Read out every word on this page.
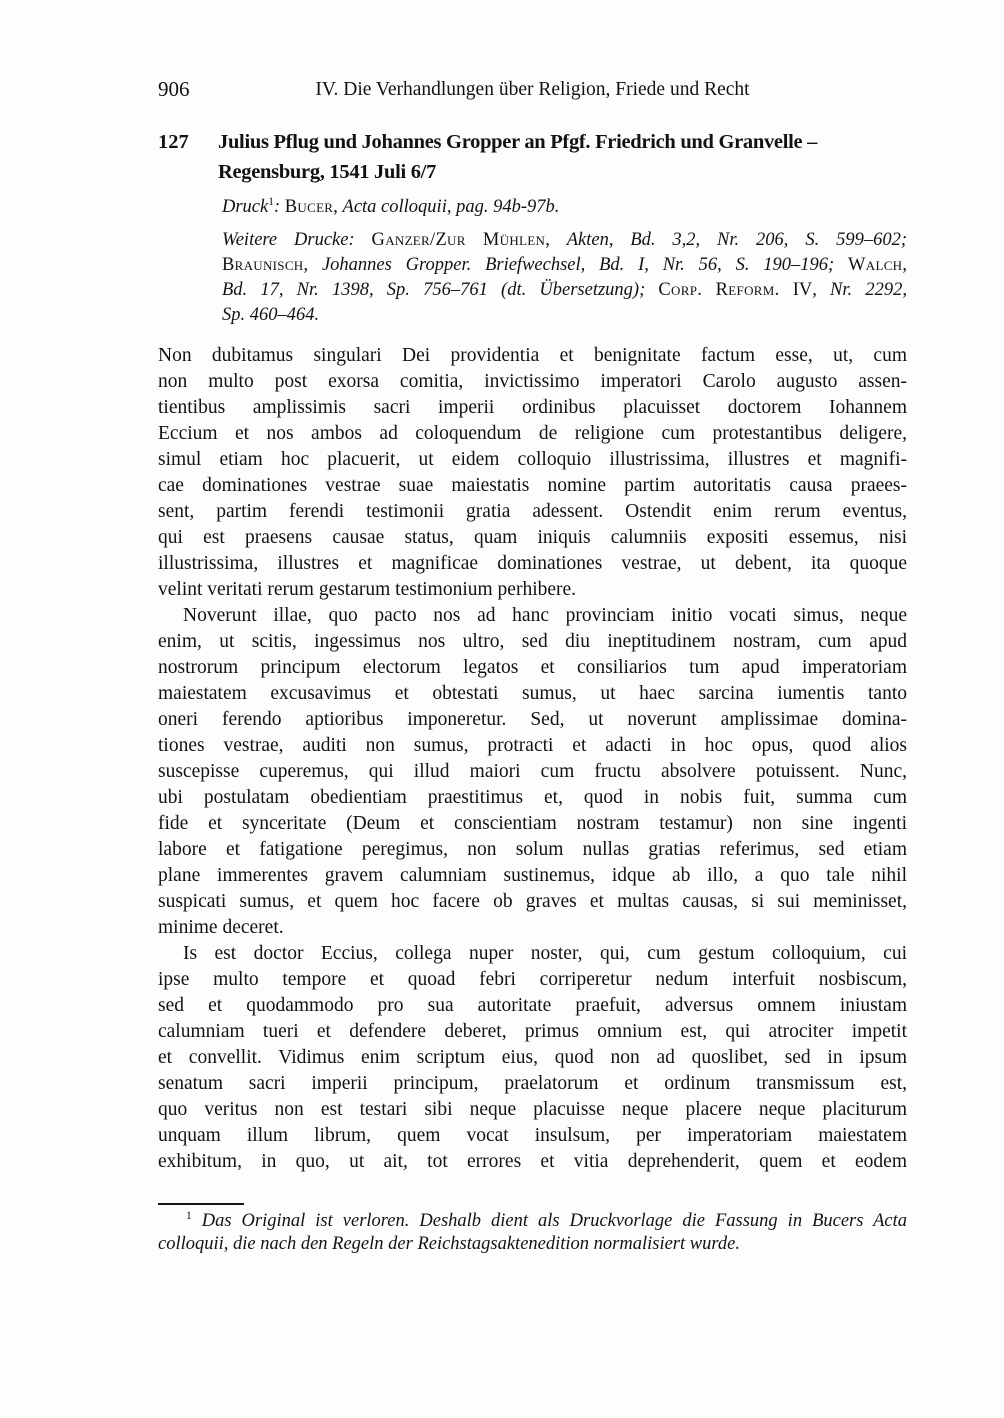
906	IV. Die Verhandlungen über Religion, Friede und Recht
127	Julius Pflug und Johannes Gropper an Pfgf. Friedrich und Granvelle –
Regensburg, 1541 Juli 6/7
Druck$^1$: Bucer, Acta colloquii, pag. 94b-97b.
Weitere Drucke: Ganzer/Zur Mühlen, Akten, Bd. 3,2, Nr. 206, S. 599–602;
Braunisch, Johannes Gropper. Briefwechsel, Bd. I, Nr. 56, S. 190–196; Walch,
Bd. 17, Nr. 1398, Sp. 756–761 (dt. Übersetzung); Corp. Reform. IV, Nr. 2292,
Sp. 460–464.
Non dubitamus singulari Dei providentia et benignitate factum esse, ut, cum
non multo post exorsa comitia, invictissimo imperatori Carolo augusto assen-
tientibus amplissimis sacri imperii ordinibus placuisset doctorem Iohannem
Eccium et nos ambos ad coloquendum de religione cum protestantibus deligere,
simul etiam hoc placuerit, ut eidem colloquio illustrissima, illustres et magnifi-
cae dominationes vestrae suae maiestatis nomine partim autoritatis causa praees-
sent, partim ferendi testimonii gratia adessent. Ostendit enim rerum eventus,
qui est praesens causae status, quam iniquis calumniis expositi essemus, nisi
illustrissima, illustres et magnificae dominationes vestrae, ut debent, ita quoque
velint veritati rerum gestarum testimonium perhibere.
Noverunt illae, quo pacto nos ad hanc provinciam initio vocati simus, neque
enim, ut scitis, ingessimus nos ultro, sed diu ineptitudinem nostram, cum apud
nostrorum principum electorum legatos et consiliarios tum apud imperatoriam
maiestatem excusavimus et obtestati sumus, ut haec sarcina iumentis tanto
oneri ferendo aptioribus imponeretur. Sed, ut noverunt amplissimae domina-
tiones vestrae, auditi non sumus, protracti et adacti in hoc opus, quod alios
suscepisse cuperemus, qui illud maiori cum fructu absolvere potuissent. Nunc,
ubi postulatam obedientiam praestitimus et, quod in nobis fuit, summa cum
fide et synceritate (Deum et conscientiam nostram testamur) non sine ingenti
labore et fatigatione peregimus, non solum nullas gratias referimus, sed etiam
plane immerentes gravem calumniam sustinemus, idque ab illo, a quo tale nihil
suspicati sumus, et quem hoc facere ob graves et multas causas, si sui meminisset,
minime deceret.
Is est doctor Eccius, collega nuper noster, qui, cum gestum colloquium, cui
ipse multo tempore et quoad febri corriperetur nedum interfuit nosbiscum,
sed et quodammodo pro sua autoritate praefuit, adversus omnem iniustam
calumniam tueri et defendere deberet, primus omnium est, qui atrociter impetit
et convellit. Vidimus enim scriptum eius, quod non ad quoslibet, sed in ipsum
senatum sacri imperii principum, praelatorum et ordinum transmissum est,
quo veritus non est testari sibi neque placuisse neque placere neque placiturum
unquam illum librum, quem vocat insulsum, per imperatoriam maiestatem
exhibitum, in quo, ut ait, tot errores et vitia deprehenderit, quem et eodem
$^1$ Das Original ist verloren. Deshalb dient als Druckvorlage die Fassung in Bucers Acta
colloquii, die nach den Regeln der Reichstagsaktenedition normalisiert wurde.
